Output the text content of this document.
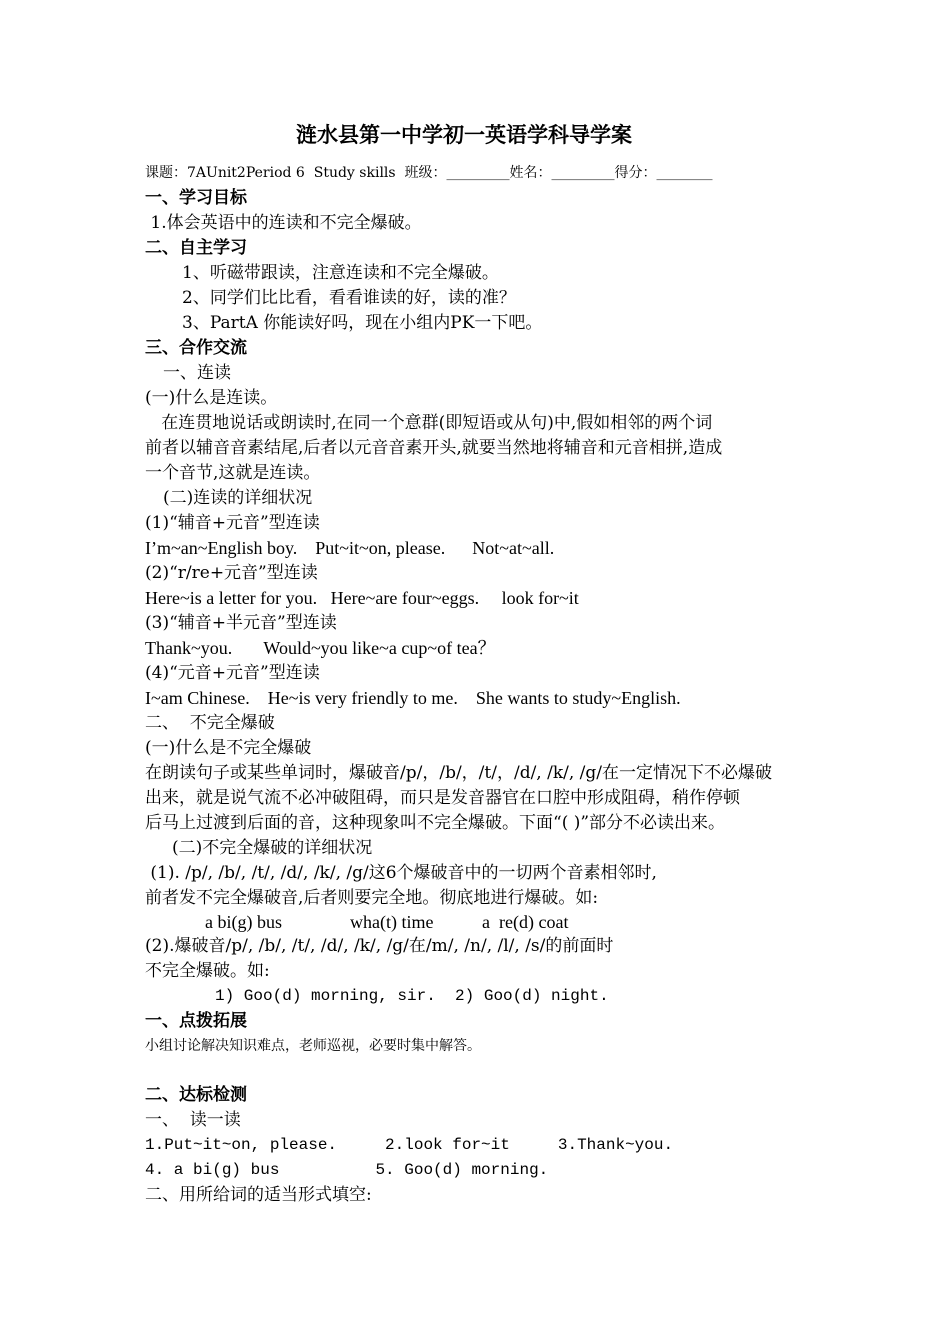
涟水县第一中学初一英语学科导学案
课题：7AUnit2Period 6  Study skills  班级：_________姓名：_________得分：________
一、学习目标
1.体会英语中的连读和不完全爆破。
二、自主学习
1、听磁带跟读，注意连读和不完全爆破。
2、同学们比比看，看看谁读的好，读的准？
3、PartA 你能读好吗，现在小组内PK一下吧。
三、合作交流
一、连读
(一)什么是连读。
在连贯地说话或朗读时,在同一个意群(即短语或从句)中,假如相邻的两个词
前者以辅音音素结尾,后者以元音音素开头,就要当然地将辅音和元音相拼,造成
一个音节,这就是连读。
(二)连读的详细状况
(1)“辅音+元音”型连读
I’m~an~English boy.    Put~it~on, please.      Not~at~all.
(2)“r/re+元音”型连读
Here~is a letter for you.   Here~are four~eggs.     look for~it
(3)“辅音+半元音”型连读
Thank~you.       Would~you like~a cup~of tea？
(4)“元音+元音”型连读
I~am Chinese.    He~is very friendly to me.    She wants to study~English.
二、  不完全爆破
(一)什么是不完全爆破
在朗读句子或某些单词时，爆破音/p/，/b/，/t/，/d/, /k/, /g/在一定情况下不必爆破
出来，就是说气流不必冲破阻碍，而只是发音器官在口腔中形成阻碍，稍作停顿
后马上过渡到后面的音，这种现象叫不完全爆破。下面“( )”部分不必读出来。
(二)不完全爆破的详细状况
(1). /p/, /b/, /t/, /d/, /k/, /g/这6个爆破音中的一切两个音素相邻时,
前者发不完全爆破音,后者则要完全地。彻底地进行爆破。如:
a bi(g) bus	wha(t) time	a  re(d) coat
(2).爆破音/p/, /b/, /t/, /d/, /k/, /g/在/m/, /n/, /l/, /s/的前面时
不完全爆破。如:
1) Goo(d) morning, sir.  2) Goo(d) night.
一、点拨拓展
小组讨论解决知识难点，老师巡视，必要时集中解答。
二、达标检测
一、  读一读
1.Put~it~on, please.     2.look for~it     3.Thank~you.
4. a bi(g) bus          5. Goo(d) morning.
二、用所给词的适当形式填空:
